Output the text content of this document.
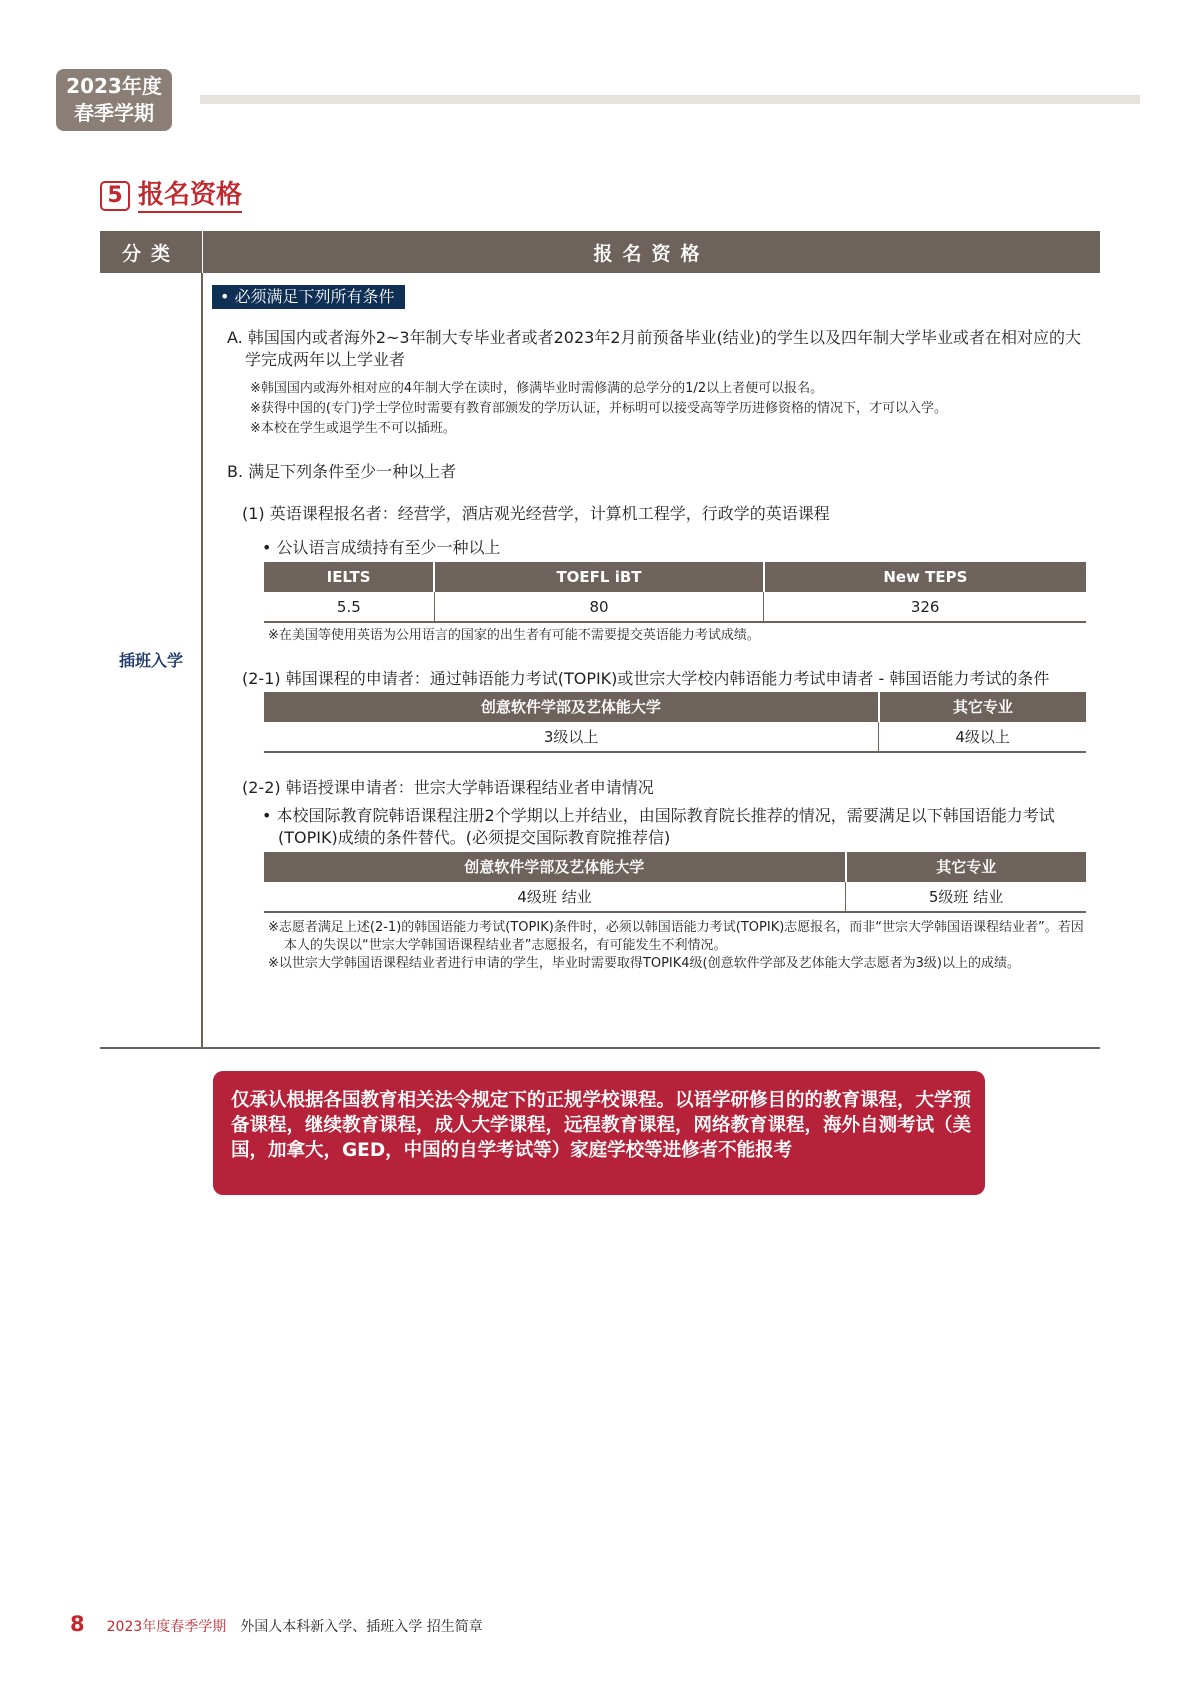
2023年度
春季学期
5 报名资格
分类	报名资格
插班入学
• 必须满足下列所有条件
A. 韩国国内或者海外2~3年制大专毕业者或者2023年2月前预备毕业(结业)的学生以及四年制大学毕业或者在相对应的大学完成两年以上学业者

※韩国国内或海外相对应的4年制大学在读时，修满毕业时需修满的总学分的1/2以上者便可以报名。

※获得中国的(专门)学士学位时需要有教育部颁发的学历认证，并标明可以接受高等学历进修资格的情况下，才可以入学。

※本校在学生或退学生不可以插班。

B. 满足下列条件至少一种以上者
(1) 英语课程报名者：经营学，酒店观光经营学，计算机工程学，行政学的英语课程
• 公认语言成绩持有至少一种以上
IELTS	TOEFL iBT	New TEPS
5.5	80	326
※在美国等使用英语为公用语言的国家的出生者有可能不需要提交英语能力考试成绩。
(2-1) 韩国课程的申请者：通过韩语能力考试(TOPIK)或世宗大学校内韩语能力考试申请者 - 韩国语能力考试的条件
创意软件学部及艺体能大学	其它专业
3级以上	4级以上
(2-2) 韩语授课申请者：世宗大学韩语课程结业者申请情况
• 本校国际教育院韩语课程注册2个学期以上并结业，由国际教育院长推荐的情况，需要满足以下韩国语能力考试(TOPIK)成绩的条件替代。(必须提交国际教育院推荐信)
创意软件学部及艺体能大学	其它专业
4级班 结业	5级班 结业

※志愿者满足上述(2-1)的韩国语能力考试(TOPIK)条件时，必须以韩国语能力考试(TOPIK)志愿报名，而非“世宗大学韩国语课程结业者”。若因本人的失误以“世宗大学韩国语课程结业者”志愿报名，有可能发生不利情况。

※以世宗大学韩国语课程结业者进行申请的学生，毕业时需要取得TOPIK4级(创意软件学部及艺体能大学志愿者为3级)以上的成绩。

仅承认根据各国教育相关法令规定下的正规学校课程。以语学研修目的的教育课程，大学预备课程，继续教育课程，成人大学课程，远程教育课程，网络教育课程，海外自测考试（美国，加拿大，GED，中国的自学考试等）家庭学校等进修者不能报考
8 2023年度春季学期 外国人本科新入学、插班入学 招生简章
